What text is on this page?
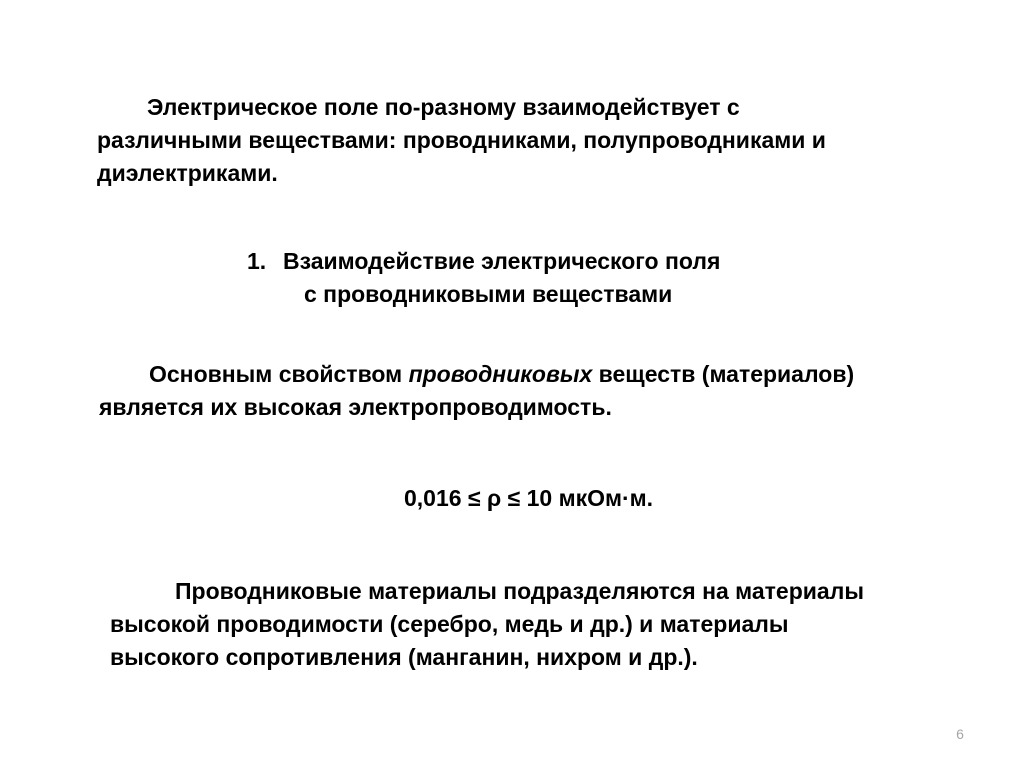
Электрическое поле по-разному взаимодействует с
различными веществами: проводниками, полупроводниками и
диэлектриками.
1. Взаимодействие электрического поля
с проводниковыми веществами
Основным свойством проводниковых веществ (материалов)
является их высокая электропроводимость.
0,016 ≤ ρ ≤ 10 мкОм·м.
Проводниковые материалы подразделяются на материалы
высокой проводимости (серебро, медь и др.) и материалы
высокого сопротивления (манганин, нихром и др.).
6
